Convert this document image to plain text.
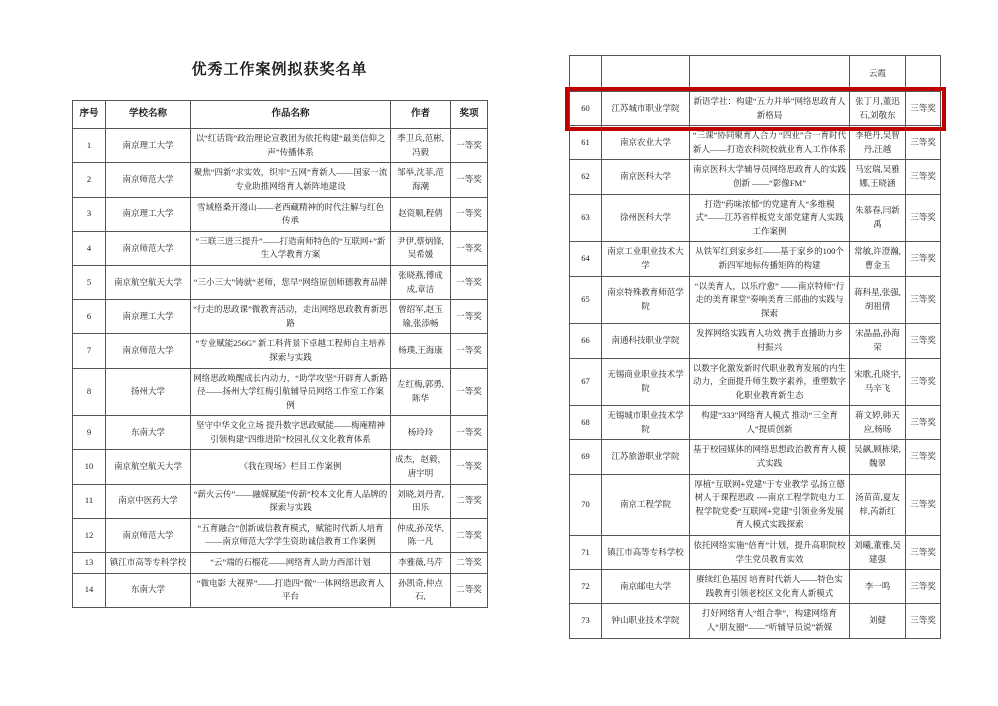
优秀工作案例拟获奖名单
序号	学校名称	作品名称	作者	奖项
1	南京理工大学	以“红话筒”政治理论宣教团为依托构建“最美信仰之声”传播体系	季卫兵,范彬,冯毅	一等奖
2	南京师范大学	聚焦“四新”求实效，织牢“五网”育新人——国家一流专业助推网络育人新阵地建设	邹举,沈菲,范海潮	一等奖
3	南京理工大学	雪域格桑开漫山——老西藏精神的时代注解与红色传承	赵资顺,程倩	一等奖
4	南京师范大学	“三联三进三提升”——打造南师特色的“互联网+”新生入学教育方案	尹伊,蔡炳锋,吴希媛	一等奖
5	南京航空航天大学	“三小三大”铸就“老师，您早”网络原创师德教育品牌	张晓燕,傅成成,章洁	一等奖
6	南京理工大学	“行走的思政课”微教育活动，走出网络思政教育新思路	曾绍军,赵玉瑜,张添畅	一等奖
7	南京师范大学	“专业赋能256G” 新工科背景下卓越工程师自主培养探索与实践	杨璞,王海康	一等奖
8	扬州大学	网络思政唤醒成长内动力，“助学攻坚”开辟育人新路径——扬州大学红梅引航辅导员网络工作室工作案例	左红梅,郭勇,陈华	一等奖
9	东南大学	坚守中华文化立场 提升数字思政赋能——梅庵精神引领构建“四维进阶”校园礼仪文化教育体系	杨玲玲	一等奖
10	南京航空航天大学	《我在现场》栏目工作案例	成杰，赵毅，唐宇明	一等奖
11	南京中医药大学	“薪火云传”——融媒赋能“传薪”校本文化育人品牌的探索与实践	刘晓,刘丹青,田乐	二等奖
12	南京师范大学	“五育融合”创新诚信教育模式，赋能时代新人培育——南京师范大学学生资助诚信教育工作案例	仲成,孙茂华,陈一凡	二等奖
13	镇江市高等专科学校	“云”端的石榴花——网络育人助力西部计划	李雅薇,马芹	二等奖
14	东南大学	“微电影 大视界”——打造四“微”一体网络思政育人平台	孙凯奇,仲点石,	二等奖
			云霞	
60	江苏城市职业学院	新语学社：构建“五力并举”网络思政育人新格局	张丁月,董迅石,刘敬东	三等奖
61	南京农业大学	“三课”协同聚育人合力 “四业”合一育时代新人——打造农科院校就业育人工作体系	李艳丹,吴智丹,汪越	三等奖
62	南京医科大学	南京医科大学辅导员网络思政育人的实践创新 ——“影像FM”	马宏瑞,吴雅娜,王晓涵	三等奖
63	徐州医科大学	打造”药味浓郁“的党建育人“多维模式”——江苏省样板党支部党建育人实践工作案例	朱慕春,闫新禹	三等奖
64	南京工业职业技术大学	从铁军红到家乡红——基于家乡的100个新四军地标传播矩阵的构建	常敏,许澄瀚,曹金玉	三等奖
65	南京特殊教育师范学院	“以美育人，以乐疗愈” ——南京特师“行走的美育课堂”奏响美育三部曲的实践与探索	蒋科星,张强,胡祖倩	三等奖
66	南通科技职业学院	发挥网络实践育人功效 携手直播助力乡村振兴	宋晶晶,孙海荣	三等奖
67	无锡商业职业技术学院	以数字化激发新时代职业教育发展的内生动力，全面提升师生数字素养，重塑数字化职业教育新生态	宋歌,孔晓宇,马辛飞	三等奖
68	无锡城市职业技术学院	构建“333”网络育人模式 推动“三全育人”提质创新	蒋文婷,韩天应,杨旸	三等奖
69	江苏旅游职业学院	基于校园媒体的网络思想政治教育育人模式实践	吴飙,顾栋梁,魏翠	三等奖
70	南京工程学院	厚植“互联网+党建”于专业教学 弘扬立德树人于课程思政 ----南京工程学院电力工程学院党委“互联网+党建”引领业务发展育人模式实践探索	汤苗苗,夏友梓,芮新红	三等奖
71	镇江市高等专科学校	依托网络实施“倍育”计划，提升高职院校学生党员教育实效	刘曦,董雅,吴建强	三等奖
72	南京邮电大学	赓续红色基因 培育时代新人——特色实践教育引领老校区文化育人新模式	李一鸣	三等奖
73	钟山职业技术学院	打好网络育人“组合拳”，构建网络育人“朋友圈”——“听辅导员说”新媒	刘健	三等奖
